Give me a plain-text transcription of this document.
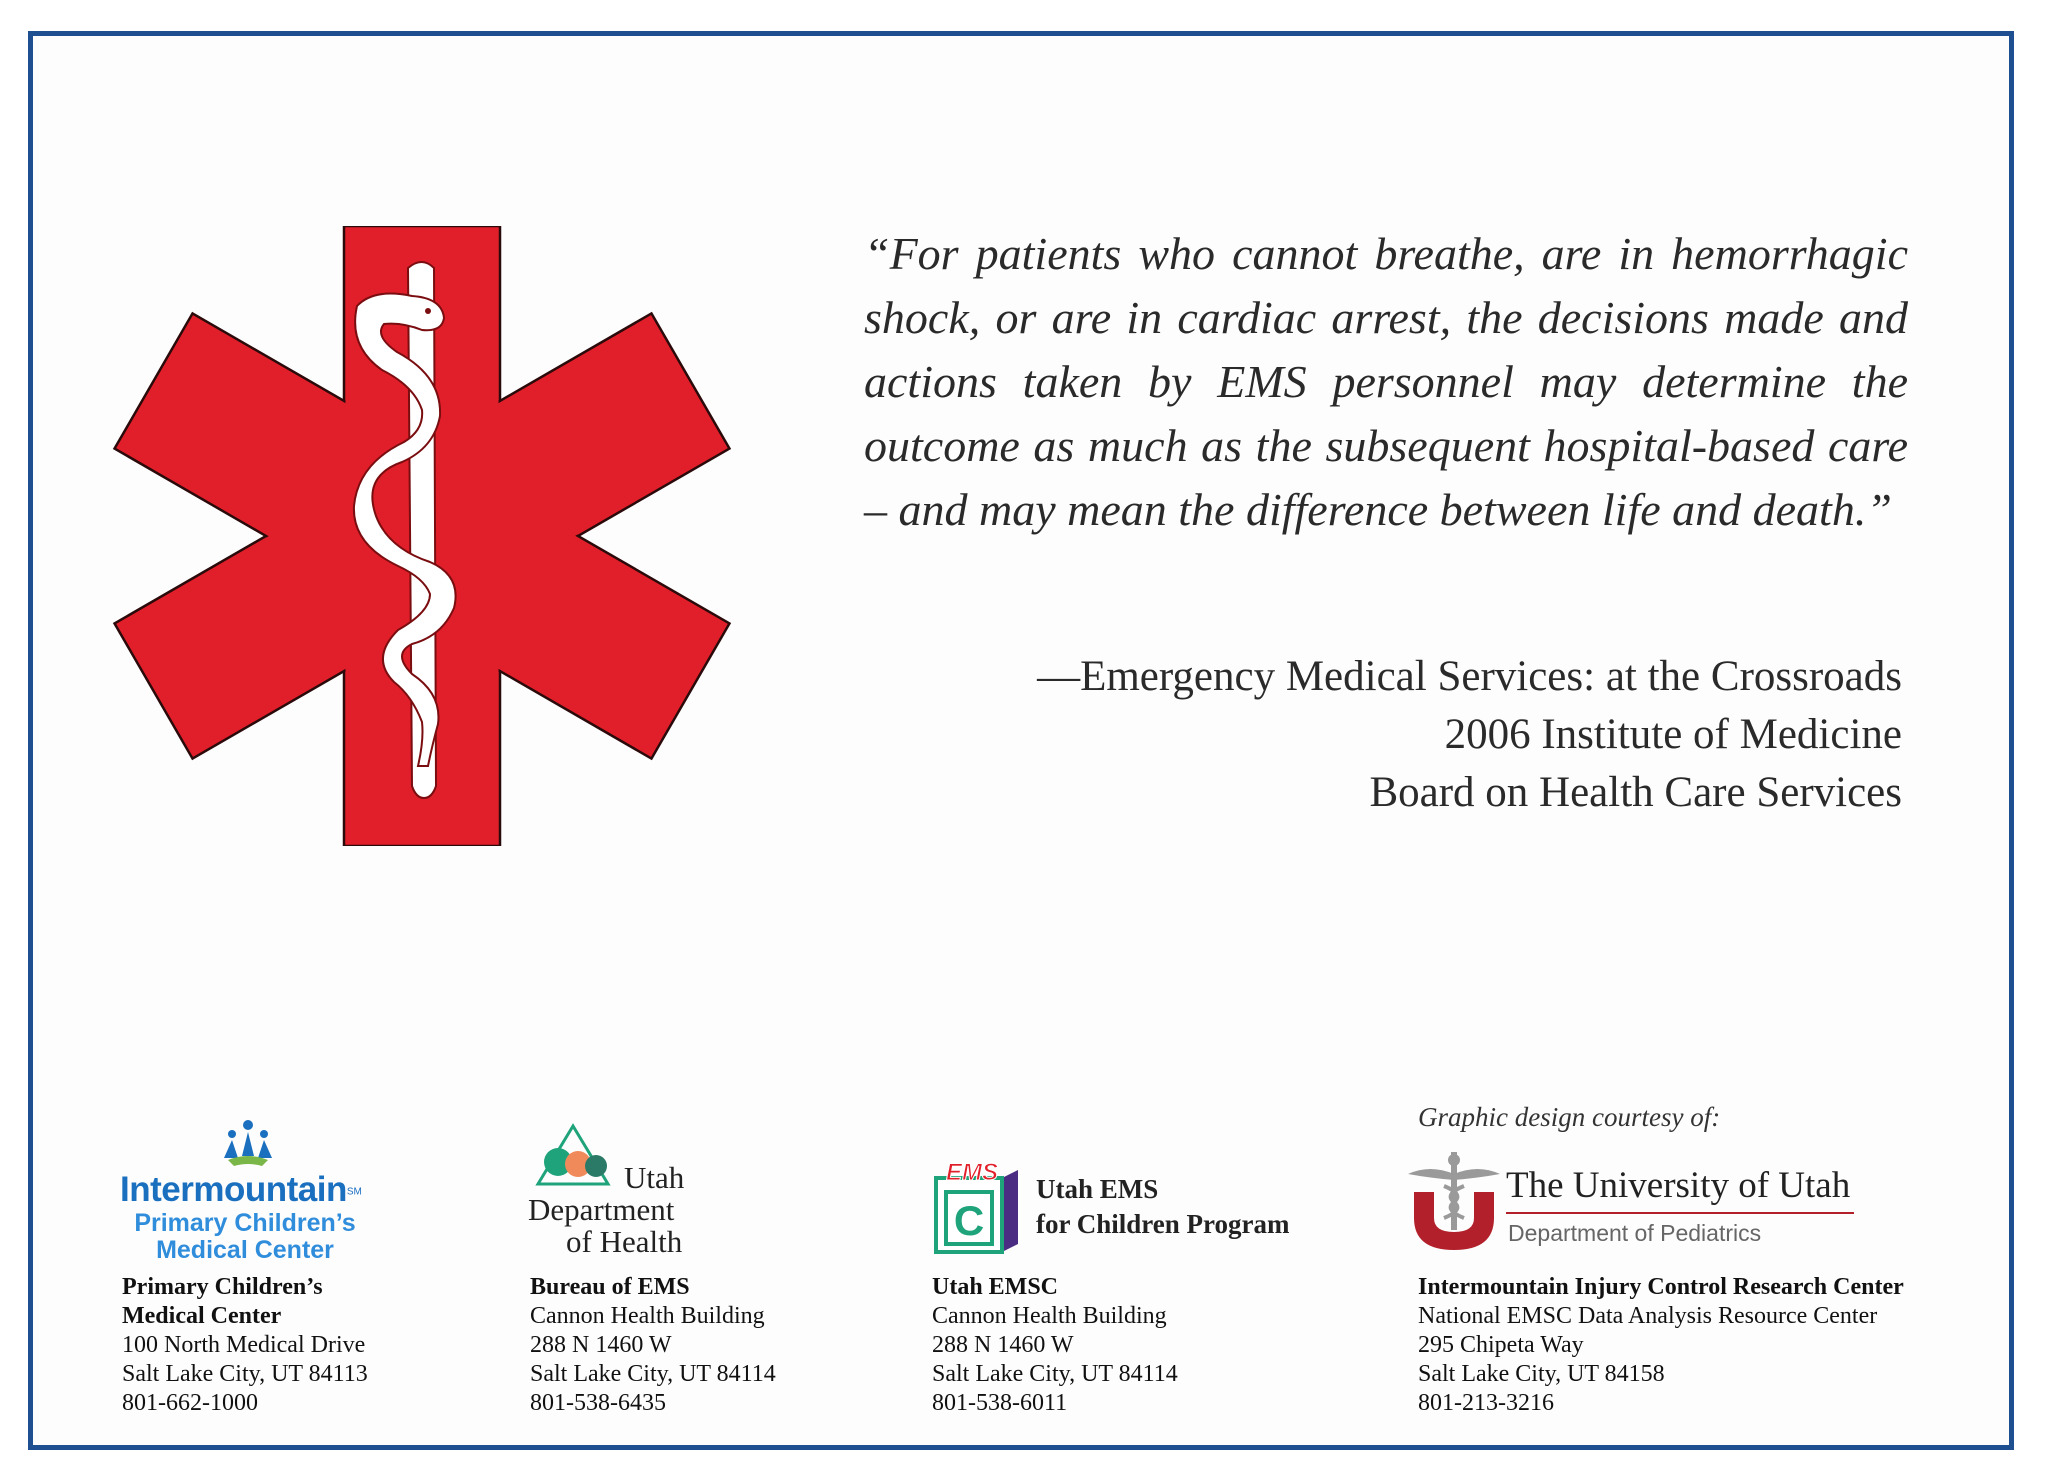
“For patients who cannot breathe, are in hemorrhagic shock, or are in cardiac arrest, the decisions made and actions taken by EMS personnel may determine the outcome as much as the subsequent hospital-based care – and may mean the difference between life and death.”

—Emergency Medical Services: at the Crossroads
2006 Institute of Medicine
Board on Health Care Services
Graphic design courtesy of:
Intermountain℠
Primary Children’s
Medical Center
Utah
Department
of Health	C
EMS
Utah EMS
for Children Program
The University of Utah
Department of Pediatrics
Primary Children’s
Medical Center
100 North Medical Drive
Salt Lake City, UT 84113
801-662-1000
Bureau of EMS
Cannon Health Building
288 N 1460 W
Salt Lake City, UT 84114
801-538-6435
Utah EMSC
Cannon Health Building
288 N 1460 W
Salt Lake City, UT 84114
801-538-6011
Intermountain Injury Control Research Center
National EMSC Data Analysis Resource Center
295 Chipeta Way
Salt Lake City, UT 84158
801-213-3216
